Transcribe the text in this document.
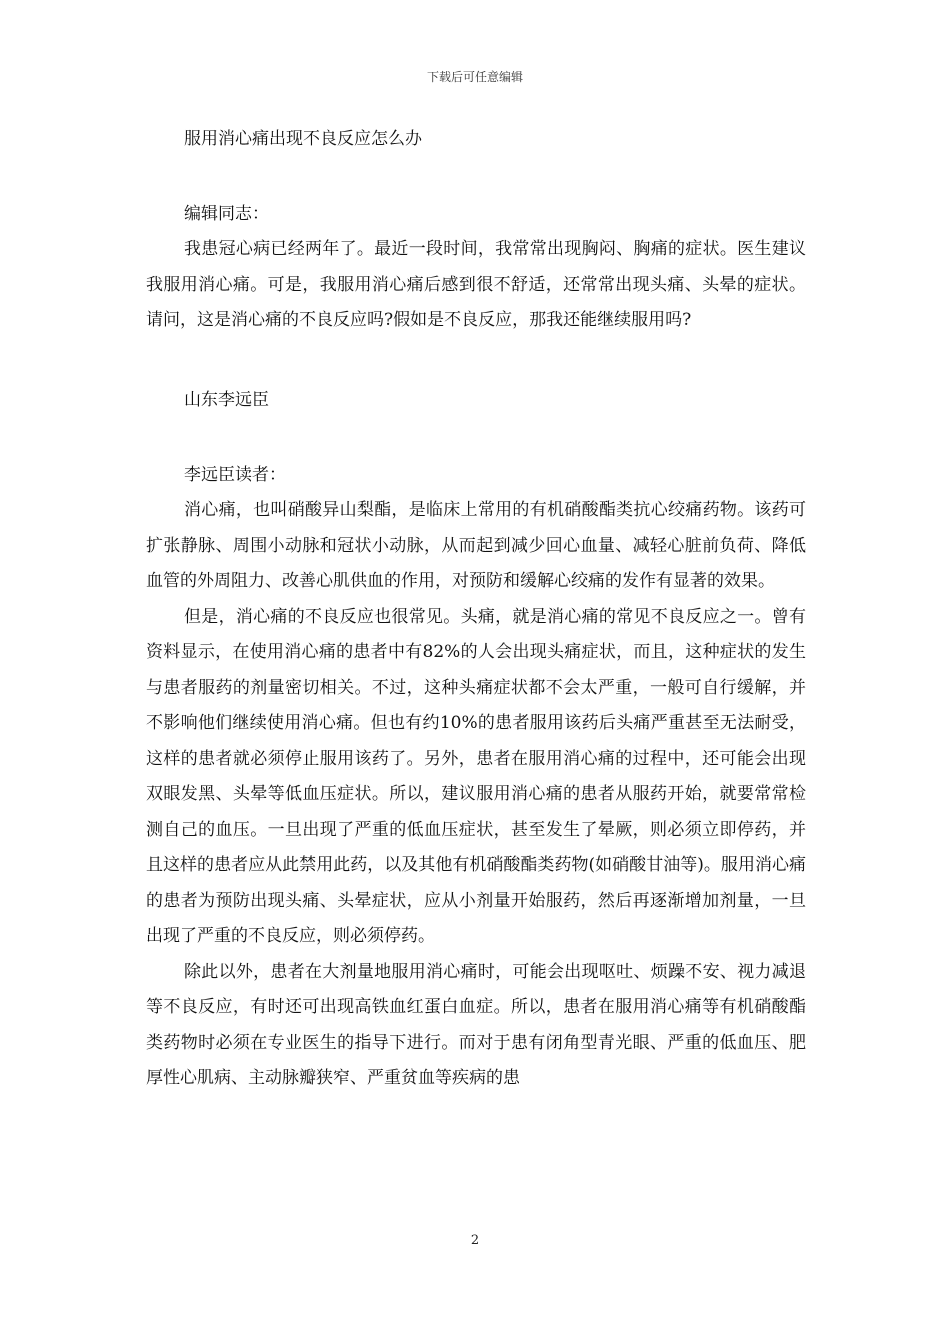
下载后可任意编辑
服用消心痛出现不良反应怎么办
编辑同志：

我患冠心病已经两年了。最近一段时间，我常常出现胸闷、胸痛的症状。医生建议我服用消心痛。可是，我服用消心痛后感到很不舒适，还常常出现头痛、头晕的症状。请问，这是消心痛的不良反应吗?假如是不良反应，那我还能继续服用吗?

山东李远臣
李远臣读者：

消心痛，也叫硝酸异山梨酯，是临床上常用的有机硝酸酯类抗心绞痛药物。该药可扩张静脉、周围小动脉和冠状小动脉，从而起到减少回心血量、减轻心脏前负荷、降低血管的外周阻力、改善心肌供血的作用，对预防和缓解心绞痛的发作有显著的效果。

但是，消心痛的不良反应也很常见。头痛，就是消心痛的常见不良反应之一。曾有资料显示，在使用消心痛的患者中有82%的人会出现头痛症状，而且，这种症状的发生与患者服药的剂量密切相关。不过，这种头痛症状都不会太严重，一般可自行缓解，并不影响他们继续使用消心痛。但也有约10%的患者服用该药后头痛严重甚至无法耐受，这样的患者就必须停止服用该药了。另外，患者在服用消心痛的过程中，还可能会出现双眼发黑、头晕等低血压症状。所以，建议服用消心痛的患者从服药开始，就要常常检测自己的血压。一旦出现了严重的低血压症状，甚至发生了晕厥，则必须立即停药，并且这样的患者应从此禁用此药，以及其他有机硝酸酯类药物(如硝酸甘油等)。服用消心痛的患者为预防出现头痛、头晕症状，应从小剂量开始服药，然后再逐渐增加剂量，一旦出现了严重的不良反应，则必须停药。

除此以外，患者在大剂量地服用消心痛时，可能会出现呕吐、烦躁不安、视力减退等不良反应，有时还可出现高铁血红蛋白血症。所以，患者在服用消心痛等有机硝酸酯类药物时必须在专业医生的指导下进行。而对于患有闭角型青光眼、严重的低血压、肥厚性心肌病、主动脉瓣狭窄、严重贫血等疾病的患

2
